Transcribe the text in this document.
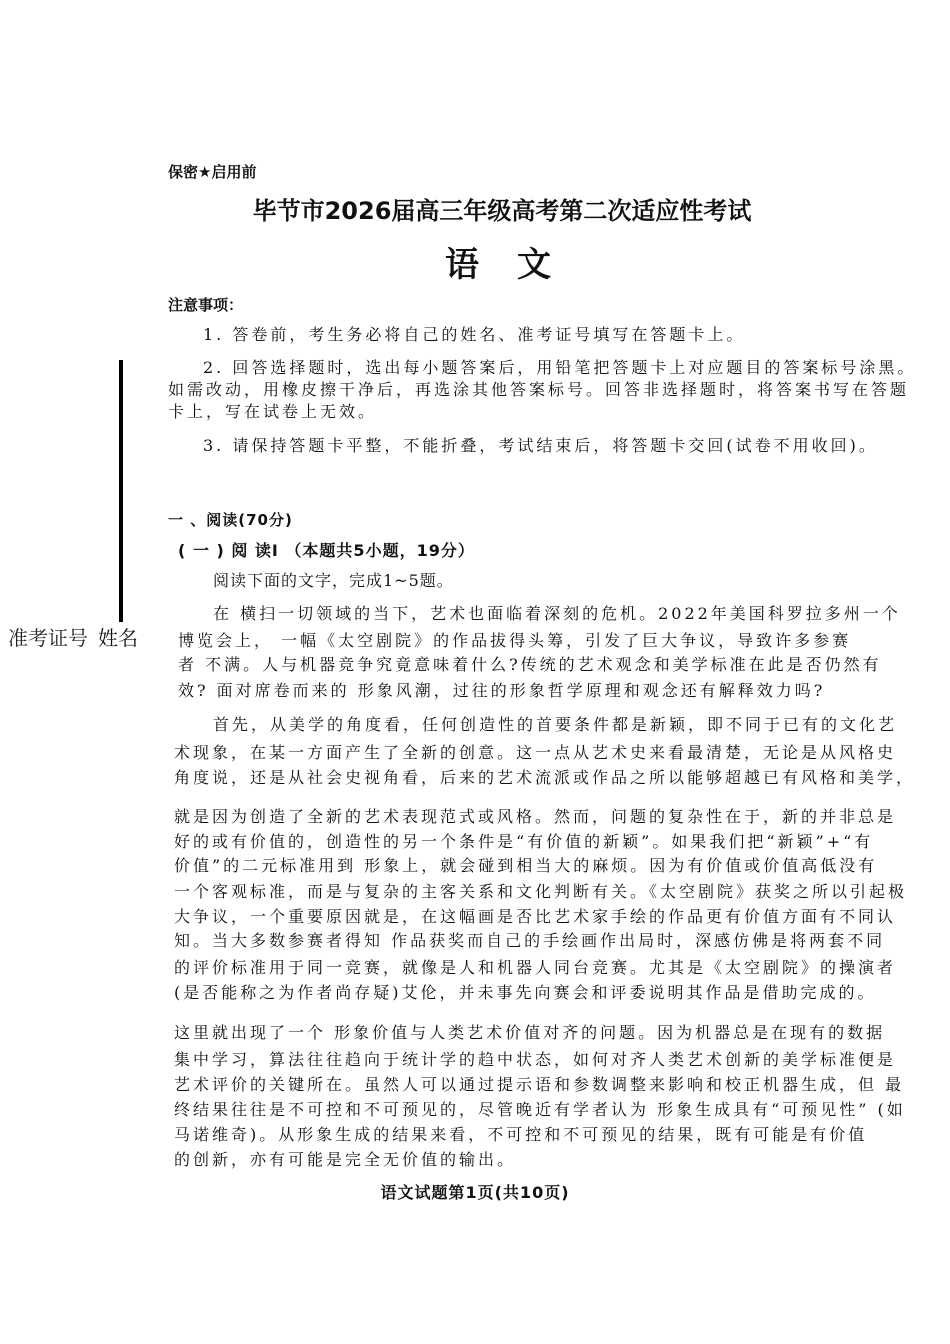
保密★启用前
毕节市2026届高三年级高考第二次适应性考试
语文
注意事项：
1. 答卷前，考生务必将自己的姓名、准考证号填写在答题卡上。
2. 回答选择题时，选出每小题答案后，用铅笔把答题卡上对应题目的答案标号涂黑。
如需改动，用橡皮擦干净后，再选涂其他答案标号。回答非选择题时，将答案书写在答题
卡上，写在试卷上无效。
3. 请保持答题卡平整，不能折叠，考试结束后，将答题卡交回(试卷不用收回)。
准考证号 姓名
一 、阅读(70分)
( 一 ) 阅 读I （本题共5小题，19分）
阅读下面的文字，完成1~5题。
在 横扫一切领域的当下，艺术也面临着深刻的危机。2022年美国科罗拉多州一个
博览会上， 一幅《太空剧院》的作品拔得头筹，引发了巨大争议，导致许多参赛
者 不满。人与机器竞争究竟意味着什么?传统的艺术观念和美学标准在此是否仍然有
效? 面对席卷而来的 形象风潮，过往的形象哲学原理和观念还有解释效力吗?
首先，从美学的角度看，任何创造性的首要条件都是新颖，即不同于已有的文化艺
术现象，在某一方面产生了全新的创意。这一点从艺术史来看最清楚，无论是从风格史
角度说，还是从社会史视角看，后来的艺术流派或作品之所以能够超越已有风格和美学，
就是因为创造了全新的艺术表现范式或风格。然而，问题的复杂性在于，新的并非总是
好的或有价值的，创造性的另一个条件是“有价值的新颖”。如果我们把“新颖”+“有
价值”的二元标准用到 形象上，就会碰到相当大的麻烦。因为有价值或价值高低没有
一个客观标准，而是与复杂的主客关系和文化判断有关。《太空剧院》获奖之所以引起极
大争议，一个重要原因就是，在这幅画是否比艺术家手绘的作品更有价值方面有不同认
知。当大多数参赛者得知 作品获奖而自己的手绘画作出局时，深感仿佛是将两套不同
的评价标准用于同一竞赛，就像是人和机器人同台竞赛。尤其是《太空剧院》的操演者
(是否能称之为作者尚存疑)艾伦，并未事先向赛会和评委说明其作品是借助完成的。
这里就出现了一个 形象价值与人类艺术价值对齐的问题。因为机器总是在现有的数据
集中学习，算法往往趋向于统计学的趋中状态，如何对齐人类艺术创新的美学标准便是
艺术评价的关键所在。虽然人可以通过提示语和参数调整来影响和校正机器生成，但 最
终结果往往是不可控和不可预见的，尽管晚近有学者认为 形象生成具有“可预见性” (如
马诺维奇)。从形象生成的结果来看，不可控和不可预见的结果，既有可能是有价值
的创新，亦有可能是完全无价值的输出。
语文试题第1页(共10页)
